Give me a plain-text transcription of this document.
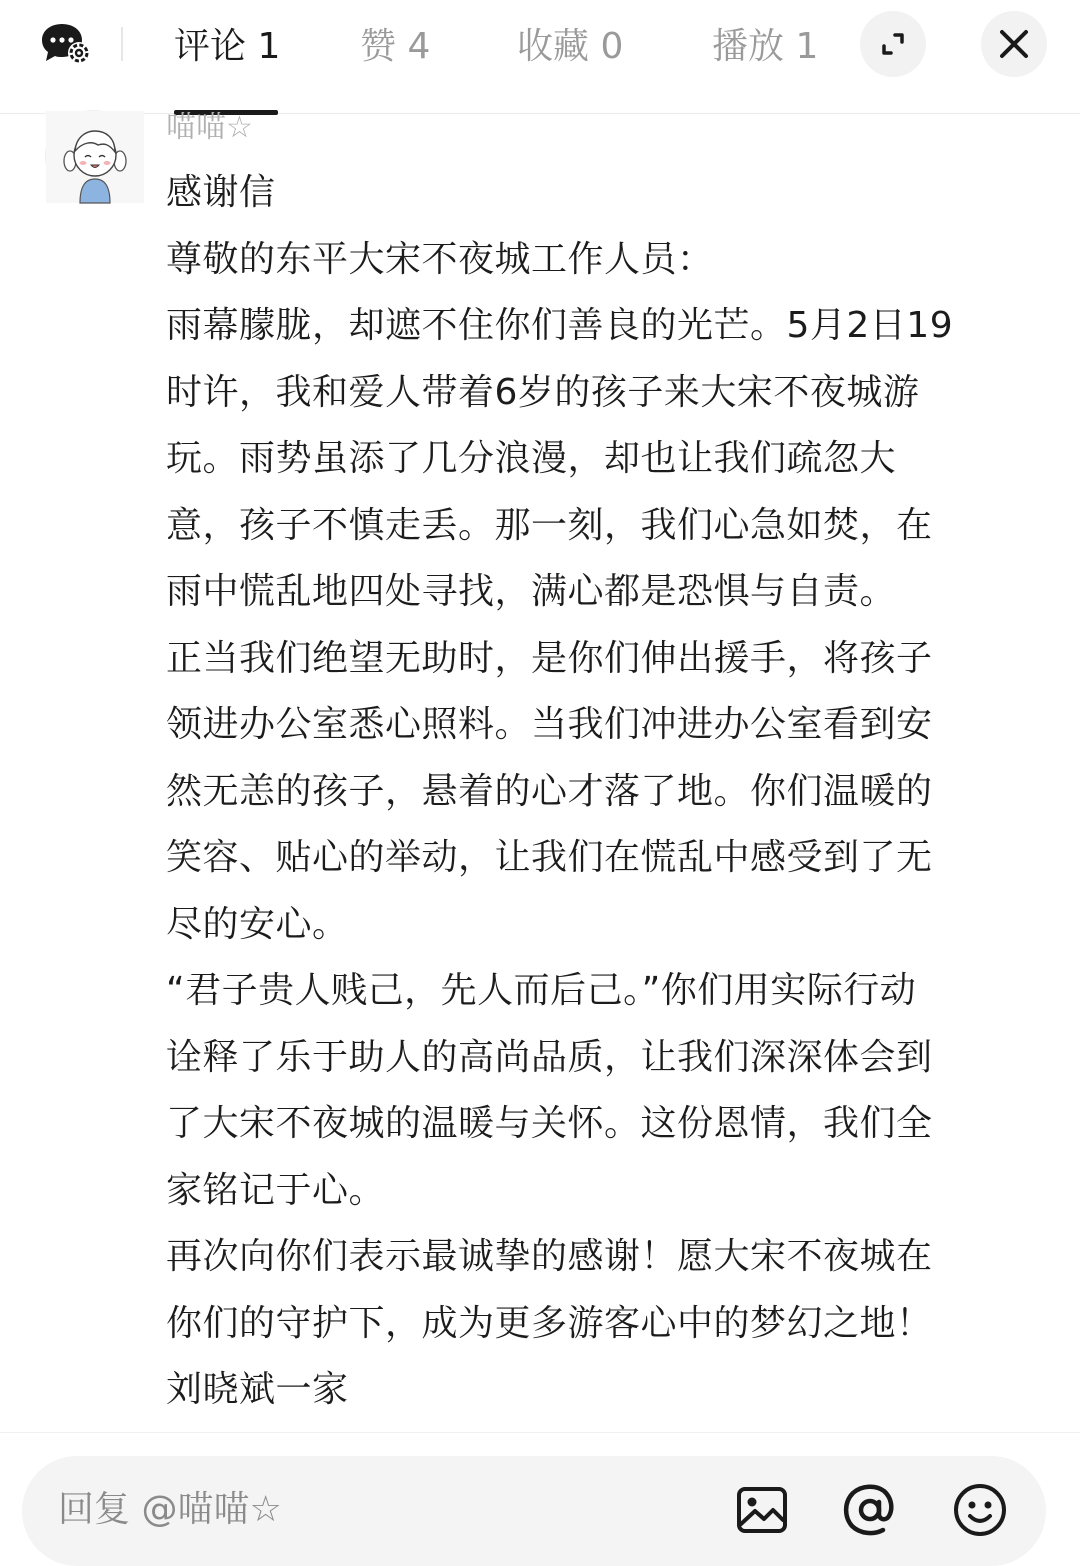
评论 1 赞 4 收藏 0 播放 1
喵喵☆
感谢信
尊敬的东平大宋不夜城工作人员：
雨幕朦胧，却遮不住你们善良的光芒。5月2日19
时许，我和爱人带着6岁的孩子来大宋不夜城游
玩。雨势虽添了几分浪漫，却也让我们疏忽大
意，孩子不慎走丢。那一刻，我们心急如焚，在
雨中慌乱地四处寻找，满心都是恐惧与自责。
正当我们绝望无助时，是你们伸出援手，将孩子
领进办公室悉心照料。当我们冲进办公室看到安
然无恙的孩子，悬着的心才落了地。你们温暖的
笑容、贴心的举动，让我们在慌乱中感受到了无
尽的安心。
“君子贵人贱己，先人而后己。”你们用实际行动
诠释了乐于助人的高尚品质，让我们深深体会到
了大宋不夜城的温暖与关怀。这份恩情，我们全
家铭记于心。
再次向你们表示最诚挚的感谢！愿大宋不夜城在
你们的守护下，成为更多游客心中的梦幻之地！
刘晓斌一家
回复 @喵喵☆
